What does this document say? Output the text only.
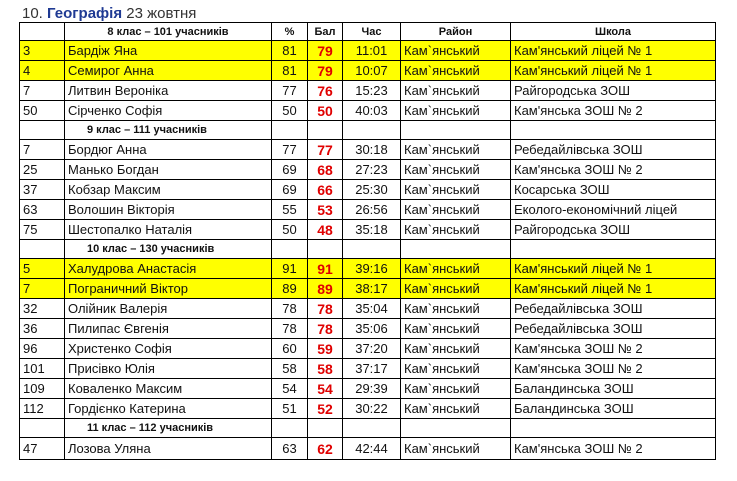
10. Географія 23 жовтня
	8 клас – 101 учасників	%	Бал	Час	Район	Школа
3	Бардіж Яна	81	79	11:01	Кам`янський	Кам'янський ліцей № 1
4	Семирог Анна	81	79	10:07	Кам`янський	Кам'янський ліцей № 1
7	Литвин Вероніка	77	76	15:23	Кам`янський	Райгородська ЗОШ
50	Сірченко Софія	50	50	40:03	Кам`янський	Кам'янська ЗОШ № 2
	9 клас – 111 учасників					
7	Бордюг Анна	77	77	30:18	Кам`янський	Ребедайлівська ЗОШ
25	Манько Богдан	69	68	27:23	Кам`янський	Кам'янська ЗОШ № 2
37	Кобзар Максим	69	66	25:30	Кам`янський	Косарська ЗОШ
63	Волошин Вікторія	55	53	26:56	Кам`янський	Еколого-економічний ліцей
75	Шестопалко Наталія	50	48	35:18	Кам`янський	Райгородська ЗОШ
	10 клас – 130 учасників					
5	Халудрова Анастасія	91	91	39:16	Кам`янський	Кам'янський ліцей № 1
7	Пограничний Віктор	89	89	38:17	Кам`янський	Кам'янський ліцей № 1
32	Олійник Валерія	78	78	35:04	Кам`янський	Ребедайлівська ЗОШ
36	Пилипас Євгенія	78	78	35:06	Кам`янський	Ребедайлівська ЗОШ
96	Христенко Софія	60	59	37:20	Кам`янський	Кам'янська ЗОШ № 2
101	Присівко Юлія	58	58	37:17	Кам`янський	Кам'янська ЗОШ № 2
109	Коваленко Максим	54	54	29:39	Кам`янський	Баландинська ЗОШ
112	Гордієнко Катерина	51	52	30:22	Кам`янський	Баландинська ЗОШ
	11 клас – 112 учасників					
47	Лозова Уляна	63	62	42:44	Кам`янський	Кам'янська ЗОШ № 2
